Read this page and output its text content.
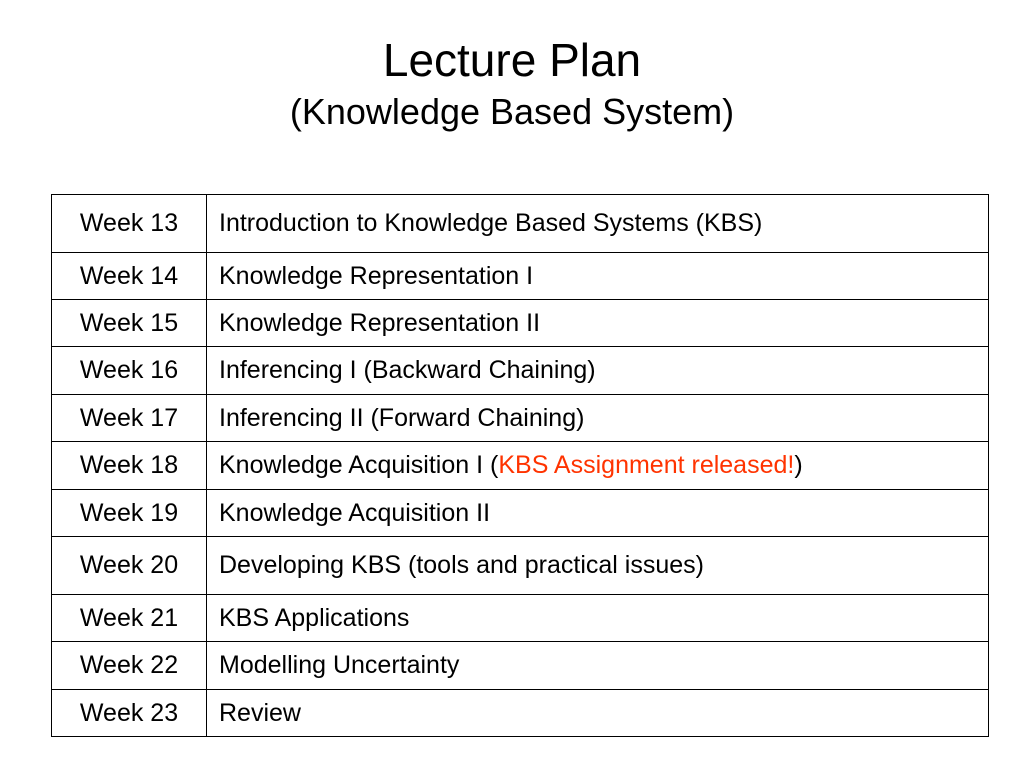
Lecture Plan
(Knowledge Based System)
Week 13	Introduction to Knowledge Based Systems (KBS)
Week 14	Knowledge Representation I
Week 15	Knowledge Representation II
Week 16	Inferencing I (Backward Chaining)
Week 17	Inferencing II (Forward Chaining)
Week 18	Knowledge Acquisition I (KBS Assignment released!)
Week 19	Knowledge Acquisition II
Week 20	Developing KBS (tools and practical issues)
Week 21	KBS Applications
Week 22	Modelling Uncertainty
Week 23	Review
